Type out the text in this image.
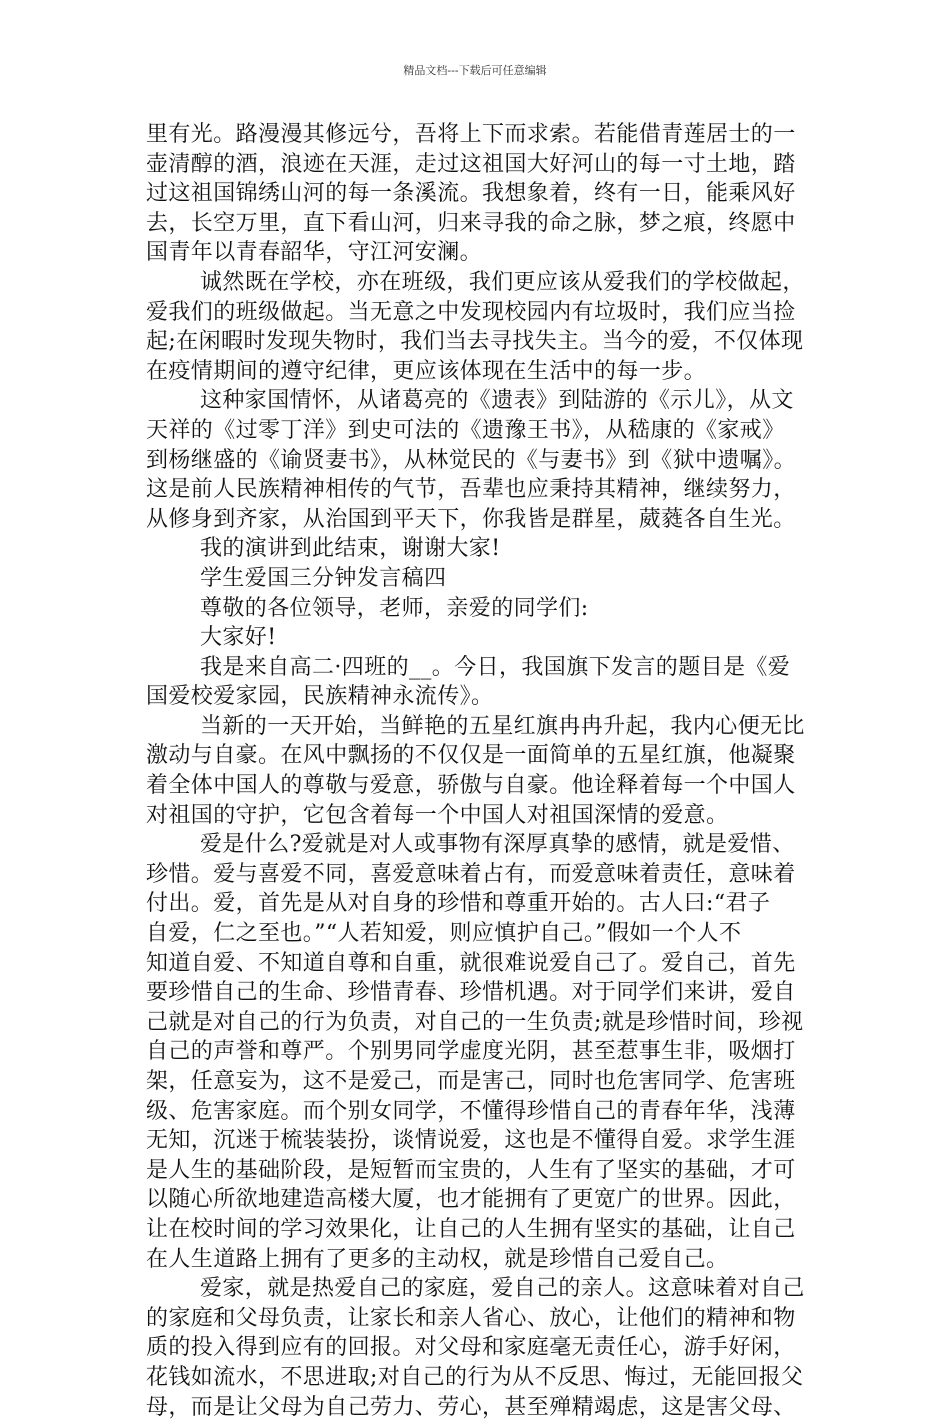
精品文档---下载后可任意编辑
里有光。路漫漫其修远兮，吾将上下而求索。若能借青莲居士的一
壶清醇的酒，浪迹在天涯，走过这祖国大好河山的每一寸土地，踏
过这祖国锦绣山河的每一条溪流。我想象着，终有一日，能乘风好
去，长空万里，直下看山河，归来寻我的命之脉，梦之痕，终愿中
国青年以青春韶华，守江河安澜。
诚然既在学校，亦在班级，我们更应该从爱我们的学校做起，
爱我们的班级做起。当无意之中发现校园内有垃圾时，我们应当捡
起;在闲暇时发现失物时，我们当去寻找失主。当今的爱，不仅体现
在疫情期间的遵守纪律，更应该体现在生活中的每一步。
这种家国情怀，从诸葛亮的《遗表》到陆游的《示儿》，从文
天祥的《过零丁洋》到史可法的《遗豫王书》，从嵇康的《家戒》
到杨继盛的《谕贤妻书》，从林觉民的《与妻书》到《狱中遗嘱》。
这是前人民族精神相传的气节，吾辈也应秉持其精神，继续努力，
从修身到齐家，从治国到平天下，你我皆是群星，葳蕤各自生光。
我的演讲到此结束，谢谢大家!
学生爱国三分钟发言稿四
尊敬的各位领导，老师，亲爱的同学们:
大家好!
我是来自高二·四班的__。今日，我国旗下发言的题目是《爱
国爱校爱家园，民族精神永流传》。
当新的一天开始，当鲜艳的五星红旗冉冉升起，我内心便无比
激动与自豪。在风中飘扬的不仅仅是一面简单的五星红旗，他凝聚
着全体中国人的尊敬与爱意，骄傲与自豪。他诠释着每一个中国人
对祖国的守护，它包含着每一个中国人对祖国深情的爱意。
爱是什么?爱就是对人或事物有深厚真挚的感情，就是爱惜、
珍惜。爱与喜爱不同，喜爱意味着占有，而爱意味着责任，意味着
付出。爱，首先是从对自身的珍惜和尊重开始的。古人曰:“君子
自爱，仁之至也。”“人若知爱，则应慎护自己。”假如一个人不
知道自爱、不知道自尊和自重，就很难说爱自己了。爱自己，首先
要珍惜自己的生命、珍惜青春、珍惜机遇。对于同学们来讲，爱自
己就是对自己的行为负责，对自己的一生负责;就是珍惜时间，珍视
自己的声誉和尊严。个别男同学虚度光阴，甚至惹事生非，吸烟打
架，任意妄为，这不是爱己，而是害己，同时也危害同学、危害班
级、危害家庭。而个别女同学，不懂得珍惜自己的青春年华，浅薄
无知，沉迷于梳装装扮，谈情说爱，这也是不懂得自爱。求学生涯
是人生的基础阶段，是短暂而宝贵的，人生有了坚实的基础，才可
以随心所欲地建造高楼大厦，也才能拥有了更宽广的世界。因此，
让在校时间的学习效果化，让自己的人生拥有坚实的基础，让自己
在人生道路上拥有了更多的主动权，就是珍惜自己爱自己。
爱家，就是热爱自己的家庭，爱自己的亲人。这意味着对自己
的家庭和父母负责，让家长和亲人省心、放心，让他们的精神和物
质的投入得到应有的回报。对父母和家庭毫无责任心，游手好闲，
花钱如流水，不思进取;对自己的行为从不反思、悔过，无能回报父
母，而是让父母为自己劳力、劳心，甚至殚精竭虑，这是害父母、
